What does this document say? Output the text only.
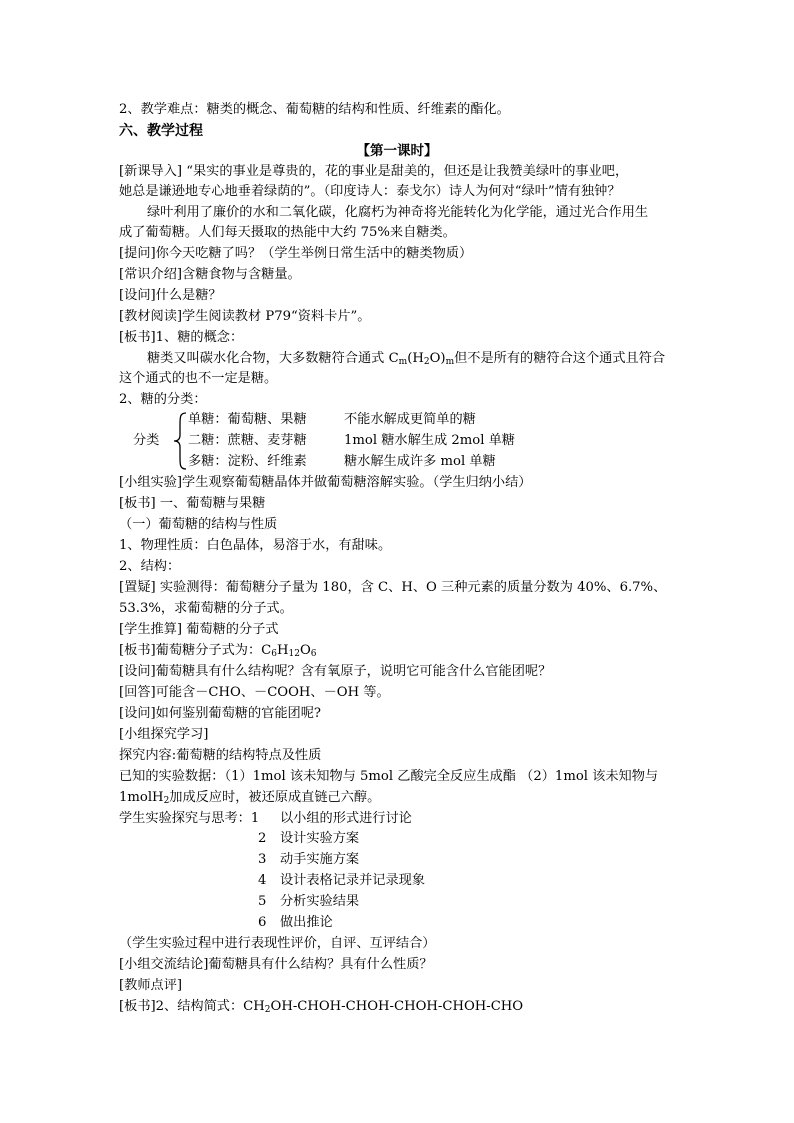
2、教学难点：糖类的概念、葡萄糖的结构和性质、纤维素的酯化。
六、教学过程
【第一课时】
[新课导入] “果实的事业是尊贵的，花的事业是甜美的，但还是让我赞美绿叶的事业吧，
她总是谦逊地专心地垂着绿荫的”。（印度诗人：泰戈尔）诗人为何对“绿叶”情有独钟？
绿叶利用了廉价的水和二氧化碳，化腐朽为神奇将光能转化为化学能，通过光合作用生
成了葡萄糖。人们每天摄取的热能中大约 75%来自糖类。
[提问]你今天吃糖了吗？（学生举例日常生活中的糖类物质）
[常识介绍]含糖食物与含糖量。
[设问]什么是糖？
[教材阅读]学生阅读教材 P79“资料卡片”。
[板书]1、糖的概念：
糖类又叫碳水化合物，大多数糖符合通式 $C_m(H_2O)_m$但不是所有的糖符合这个通式且符合
这个通式的也不一定是糖。
2、糖的分类：
分类
单糖：葡萄糖、果糖	不能水解成更简单的糖
二糖：蔗糖、麦芽糖	1mol 糖水解生成 2mol 单糖
多糖：淀粉、纤维素	糖水解生成许多 mol 单糖
[小组实验]学生观察葡萄糖晶体并做葡萄糖溶解实验。（学生归纳小结）
[板书] 一、葡萄糖与果糖
（一）葡萄糖的结构与性质
1、物理性质：白色晶体，易溶于水，有甜味。
2、结构：
[置疑] 实验测得：葡萄糖分子量为 180，含 C、H、O 三种元素的质量分数为 40%、6.7%、
53.3%，求葡萄糖的分子式。
[学生推算] 葡萄糖的分子式
[板书]葡萄糖分子式为：$C_6H_{12}O_6$
[设问]葡萄糖具有什么结构呢？含有氧原子，说明它可能含什么官能团呢？
[回答]可能含－CHO、－COOH、－OH 等。
[设问]如何鉴别葡萄糖的官能团呢?
[小组探究学习]
探究内容:葡萄糖的结构特点及性质
已知的实验数据：（1）1mol 该未知物与 5mol 乙酸完全反应生成酯 （2）1mol 该未知物与
1molH$_2$加成反应时，被还原成直链己六醇。
学生实验探究与思考：1 以小组的形式进行讨论
2 设计实验方案
3 动手实施方案
4 设计表格记录并记录现象
5 分析实验结果
6 做出推论
（学生实验过程中进行表现性评价，自评、互评结合）
[小组交流结论]葡萄糖具有什么结构？具有什么性质？
[教师点评]
[板书]2、结构简式：$CH_2OH-CHOH-CHOH-CHOH-CHOH$-CHO
